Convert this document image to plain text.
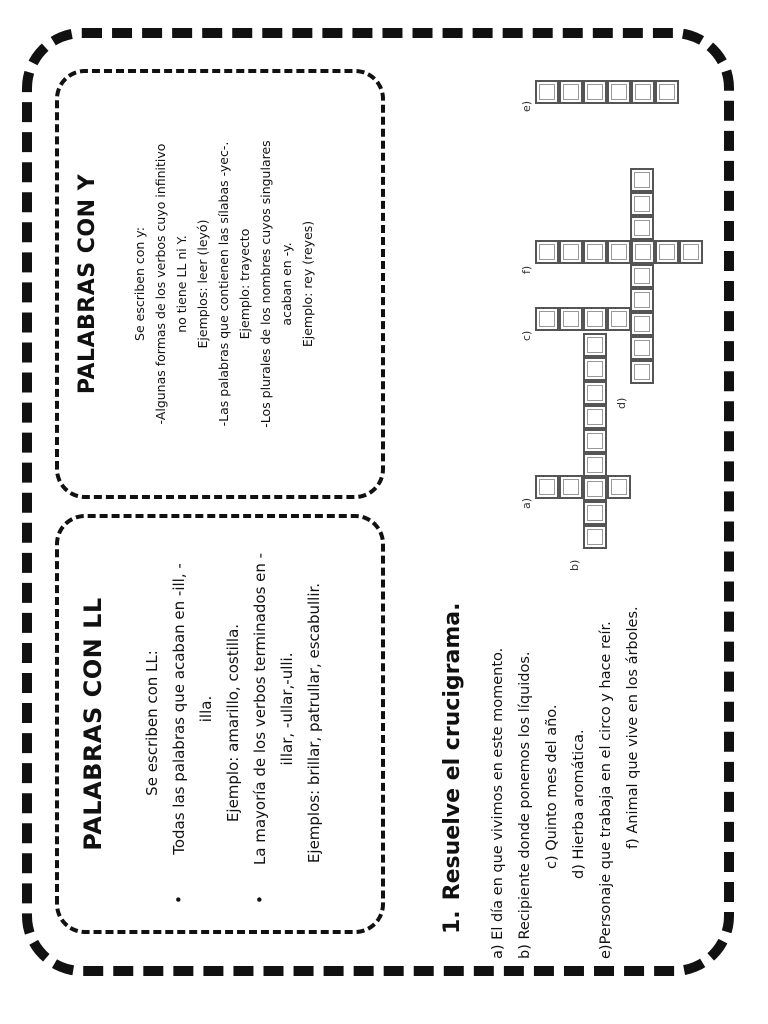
PALABRAS CON LL Se escriben con LL: • Todas las palabras que acaban en -ill, - illa. Ejemplo: amarillo, costilla. • La mayoría de los verbos terminados en - illar, -ullar,-ulli. Ejemplos: brillar, patrullar, escabullir.
PALABRAS CON Y	Se escriben con y: -Algunas formas de los verbos cuyo infinitivo no tiene LL ni Y. Ejemplos: leer (leyó) -Las palabras que contienen las sílabas -yec-. Ejemplo: trayecto -Los plurales de los nombres cuyos singulares acaban en -y. Ejemplo: rey (reyes)
1.Resuelve el crucigrama.	a) El día en que vivimos en este momento. b) Recipiente donde ponemos los líquidos. c) Quinto mes del año. d) Hierba aromática. e)Personaje que trabaja en el circo y hace reír. f) Animal que vive en los árboles.
a)
b)
c)
d)
e)
f)
